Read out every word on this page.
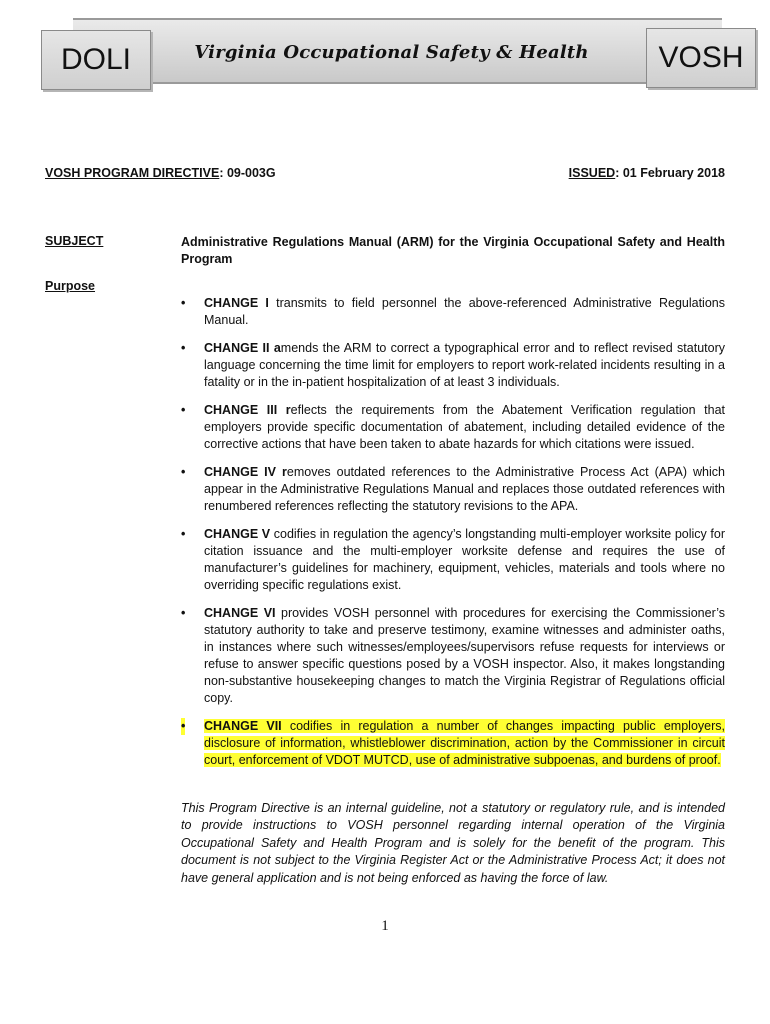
DOLI	Virginia Occupational Safety & Health	VOSH
VOSH PROGRAM DIRECTIVE: 09-003G	ISSUED: 01 February 2018
SUBJECT	Administrative Regulations Manual (ARM) for the Virginia Occupational Safety and Health Program
Purpose
• CHANGE I transmits to field personnel the above-referenced Administrative Regulations Manual.
• CHANGE II amends the ARM to correct a typographical error and to reflect revised statutory language concerning the time limit for employers to report work-related incidents resulting in a fatality or in the in-patient hospitalization of at least 3 individuals.
• CHANGE III reflects the requirements from the Abatement Verification regulation that employers provide specific documentation of abatement, including detailed evidence of the corrective actions that have been taken to abate hazards for which citations were issued.
• CHANGE IV removes outdated references to the Administrative Process Act (APA) which appear in the Administrative Regulations Manual and replaces those outdated references with renumbered references reflecting the statutory revisions to the APA.
• CHANGE V codifies in regulation the agency’s longstanding multi-employer worksite policy for citation issuance and the multi-employer worksite defense and requires the use of manufacturer’s guidelines for machinery, equipment, vehicles, materials and tools where no overriding specific regulations exist.
• CHANGE VI provides VOSH personnel with procedures for exercising the Commissioner’s statutory authority to take and preserve testimony, examine witnesses and administer oaths, in instances where such witnesses/employees/supervisors refuse requests for interviews or refuse to answer specific questions posed by a VOSH inspector. Also, it makes longstanding non-substantive housekeeping changes to match the Virginia Registrar of Regulations official copy.
• CHANGE VII codifies in regulation a number of changes impacting public employers, disclosure of information, whistleblower discrimination, action by the Commissioner in circuit court, enforcement of VDOT MUTCD, use of administrative subpoenas, and burdens of proof.
This Program Directive is an internal guideline, not a statutory or regulatory rule, and is intended to provide instructions to VOSH personnel regarding internal operation of the Virginia Occupational Safety and Health Program and is solely for the benefit of the program. This document is not subject to the Virginia Register Act or the Administrative Process Act; it does not have general application and is not being enforced as having the force of law.
1
